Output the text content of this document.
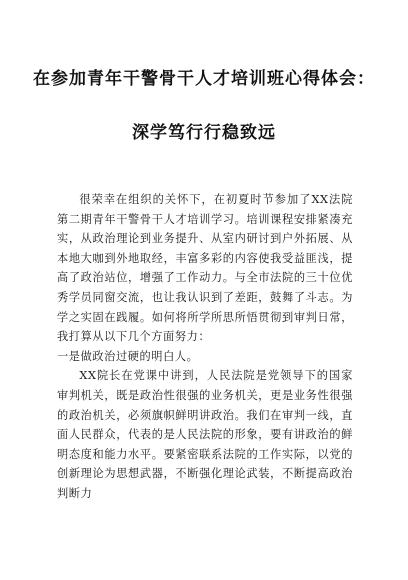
在参加青年干警骨干人才培训班心得体会：
深学笃行行稳致远

很荣幸在组织的关怀下，在初夏时节参加了XX法院第二期青年干警骨干人才培训学习。培训课程安排紧凑充实，从政治理论到业务提升、从室内研讨到户外拓展、从本地大咖到外地取经，丰富多彩的内容使我受益匪浅，提高了政治站位，增强了工作动力。与全市法院的三十位优秀学员同窗交流，也让我认识到了差距，鼓舞了斗志。为学之实固在践履。如何将所学所思所悟贯彻到审判日常，我打算从以下几个方面努力：

一是做政治过硬的明白人。

XX院长在党课中讲到，人民法院是党领导下的国家审判机关，既是政治性很强的业务机关，更是业务性很强的政治机关，必须旗帜鲜明讲政治。我们在审判一线，直面人民群众，代表的是人民法院的形象，要有讲政治的鲜明态度和能力水平。要紧密联系法院的工作实际，以党的创新理论为思想武器，不断强化理论武装，不断提高政治判断力
